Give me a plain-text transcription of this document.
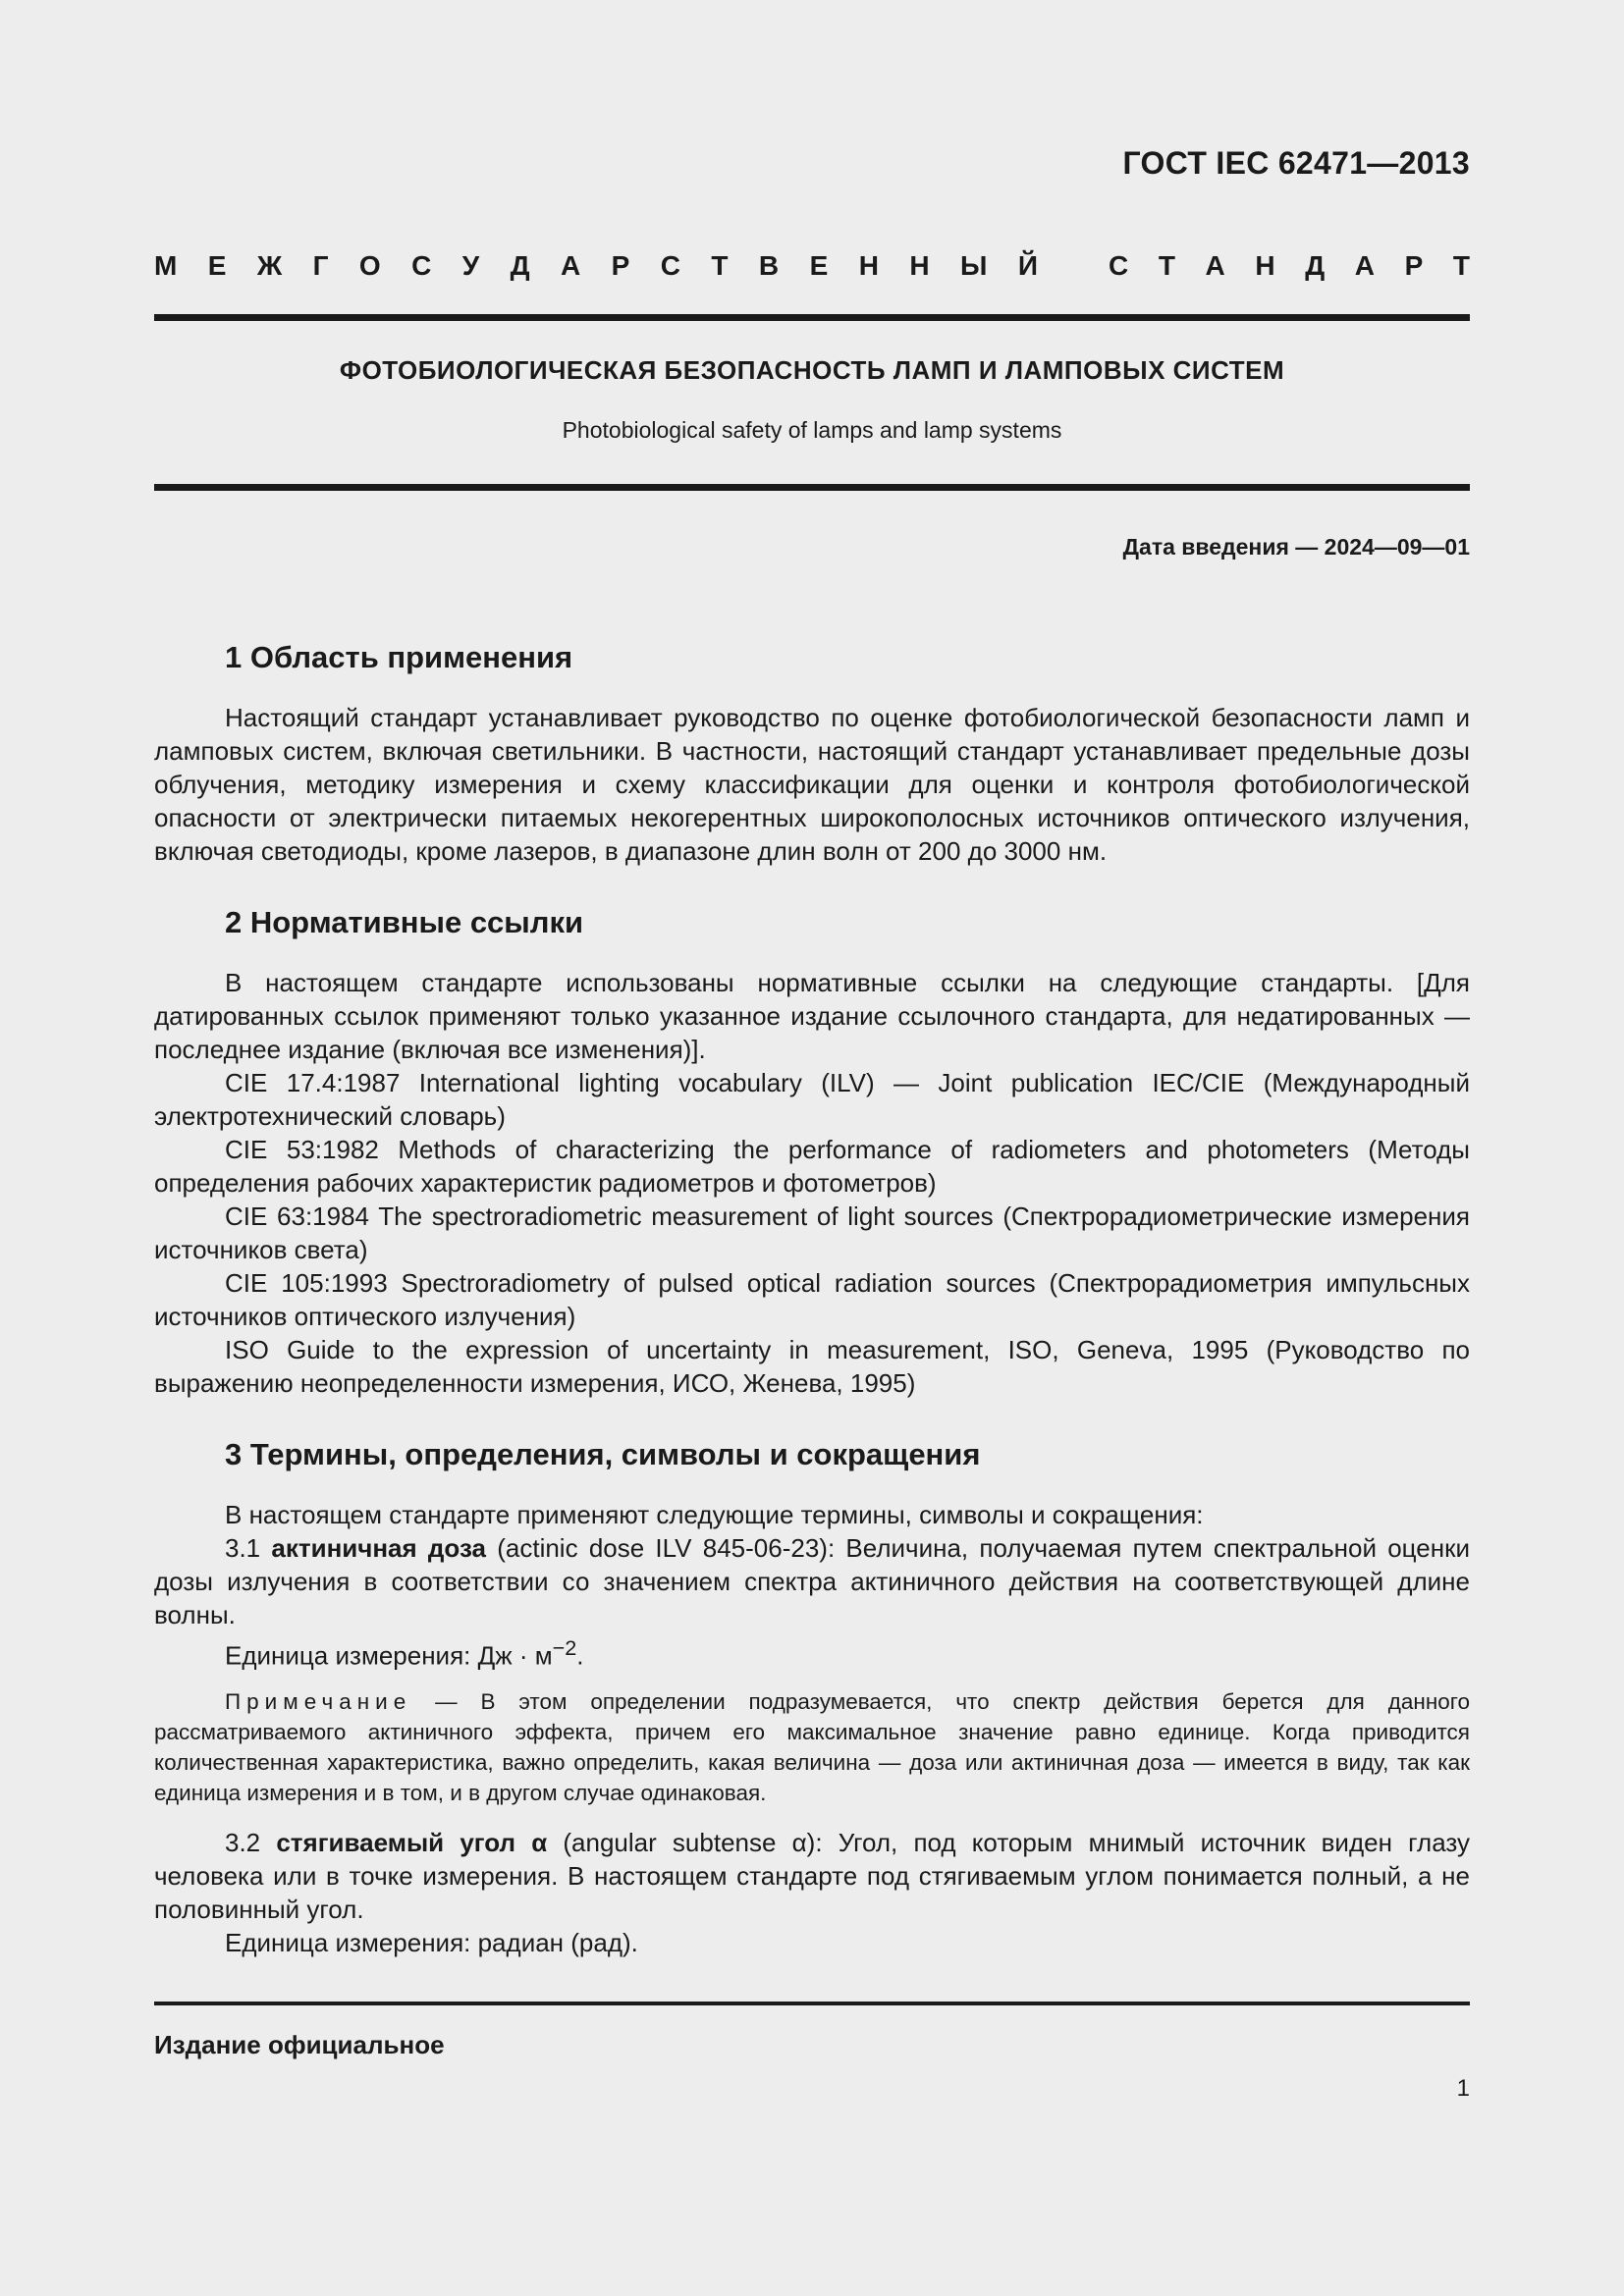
ГОСТ IEC 62471—2013
М Е Ж Г О С У Д А Р С Т В Е Н Н Ы Й	С Т А Н Д А Р Т
ФОТОБИОЛОГИЧЕСКАЯ БЕЗОПАСНОСТЬ ЛАМП И ЛАМПОВЫХ СИСТЕМ
Photobiological safety of lamps and lamp systems
Дата введения — 2024—09—01
1 Область применения

Настоящий стандарт устанавливает руководство по оценке фотобиологической безопасности ламп и ламповых систем, включая светильники. В частности, настоящий стандарт устанавливает предельные дозы облучения, методику измерения и схему классификации для оценки и контроля фотобиологической опасности от электрически питаемых некогерентных широкополосных источников оптического излучения, включая светодиоды, кроме лазеров, в диапазоне длин волн от 200 до 3000 нм.

2 Нормативные ссылки

В настоящем стандарте использованы нормативные ссылки на следующие стандарты. [Для датированных ссылок применяют только указанное издание ссылочного стандарта, для недатированных — последнее издание (включая все изменения)].

CIE 17.4:1987 International lighting vocabulary (ILV) — Joint publication IEC/CIE (Международный электротехнический словарь)

CIE 53:1982 Methods of characterizing the performance of radiometers and photometers (Методы определения рабочих характеристик радиометров и фотометров)

CIE 63:1984 The spectroradiometric measurement of light sources (Спектрорадиометрические измерения источников света)

CIE 105:1993 Spectroradiometry of pulsed optical radiation sources (Спектрорадиометрия импульсных источников оптического излучения)

ISO Guide to the expression of uncertainty in measurement, ISO, Geneva, 1995 (Руководство по выражению неопределенности измерения, ИСО, Женева, 1995)

3 Термины, определения, символы и сокращения

В настоящем стандарте применяют следующие термины, символы и сокращения:

3.1 актиничная доза (actinic dose ILV 845-06-23): Величина, получаемая путем спектральной оценки дозы излучения в соответствии со значением спектра актиничного действия на соответствующей длине волны.

Единица измерения: Дж · $м^{-2}$.

Примечание — В этом определении подразумевается, что спектр действия берется для данного рассматриваемого актиничного эффекта, причем его максимальное значение равно единице. Когда приводится количественная характеристика, важно определить, какая величина — доза или актиничная доза — имеется в виду, так как единица измерения и в том, и в другом случае одинаковая.

3.2 стягиваемый угол α (angular subtense α): Угол, под которым мнимый источник виден глазу человека или в точке измерения. В настоящем стандарте под стягиваемым углом понимается полный, а не половинный угол.

Единица измерения: радиан (рад).

Издание официальное
1
